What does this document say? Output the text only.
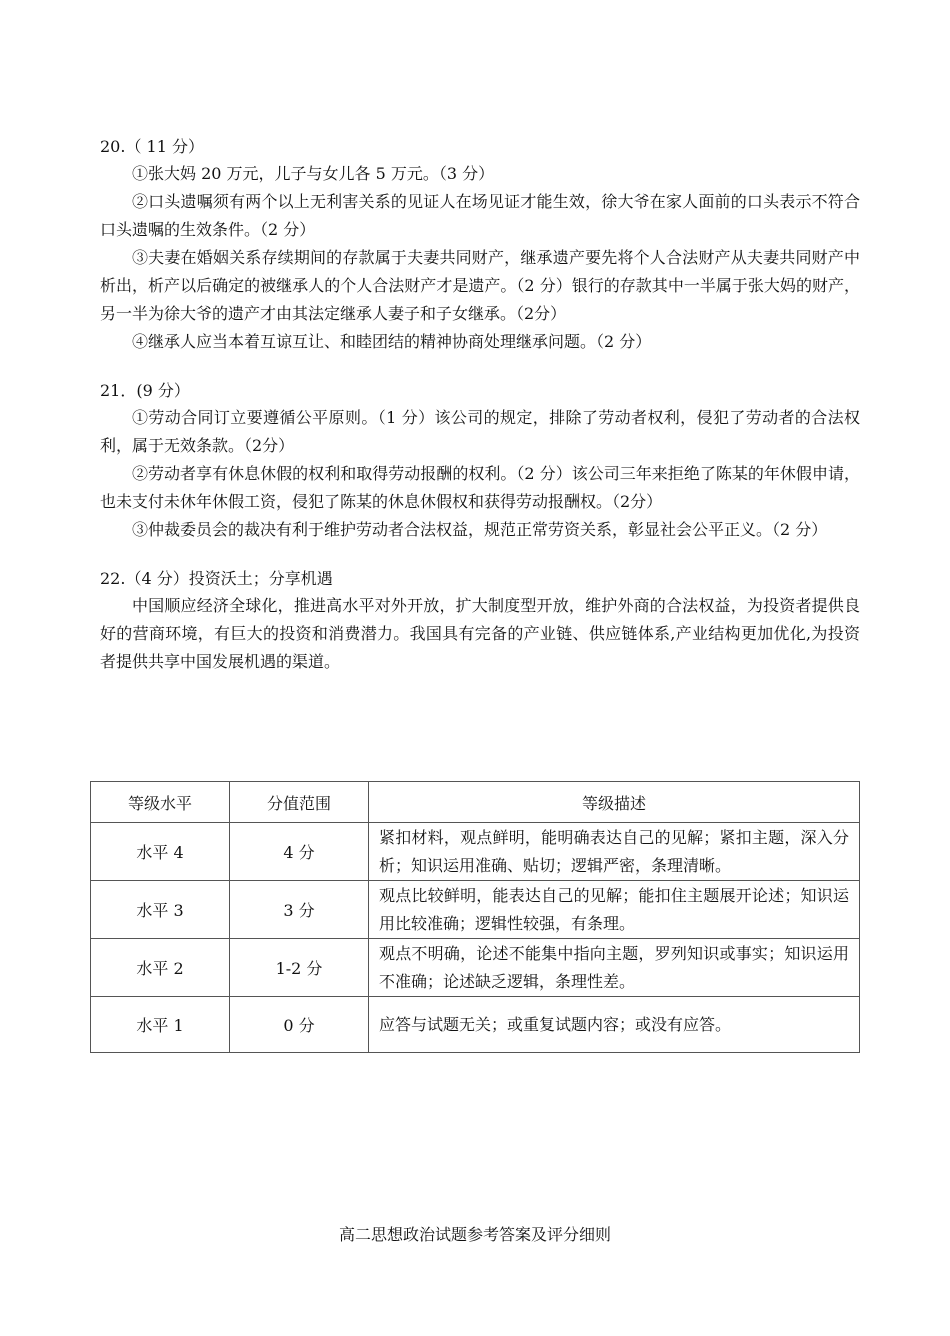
20.（ 11 分）

①张大妈 20 万元，儿子与女儿各 5 万元。（3 分）

②口头遗嘱须有两个以上无利害关系的见证人在场见证才能生效，徐大爷在家人面前的口头表示不符合口头遗嘱的生效条件。（2 分）

③夫妻在婚姻关系存续期间的存款属于夫妻共同财产，继承遗产要先将个人合法财产从夫妻共同财产中析出，析产以后确定的被继承人的个人合法财产才是遗产。（2 分）银行的存款其中一半属于张大妈的财产，另一半为徐大爷的遗产才由其法定继承人妻子和子女继承。（2分）

④继承人应当本着互谅互让、和睦团结的精神协商处理继承问题。（2 分）

21．(9 分）

①劳动合同订立要遵循公平原则。（1 分）该公司的规定，排除了劳动者权利，侵犯了劳动者的合法权利，属于无效条款。（2分）

②劳动者享有休息休假的权利和取得劳动报酬的权利。（2 分）该公司三年来拒绝了陈某的年休假申请，也未支付未休年休假工资，侵犯了陈某的休息休假权和获得劳动报酬权。（2分）

③仲裁委员会的裁决有利于维护劳动者合法权益，规范正常劳资关系，彰显社会公平正义。（2 分）

22.（4 分）投资沃土；分享机遇

中国顺应经济全球化，推进高水平对外开放，扩大制度型开放，维护外商的合法权益，为投资者提供良好的营商环境，有巨大的投资和消费潜力。我国具有完备的产业链、供应链体系,产业结构更加优化,为投资者提供共享中国发展机遇的渠道。

等级水平	分值范围	等级描述
水平 4	4 分	紧扣材料，观点鲜明，能明确表达自己的见解；紧扣主题，深入分析；知识运用准确、贴切；逻辑严密，条理清晰。
水平 3	3 分	观点比较鲜明，能表达自己的见解；能扣住主题展开论述；知识运用比较准确；逻辑性较强，有条理。
水平 2	1-2 分	观点不明确，论述不能集中指向主题，罗列知识或事实；知识运用不准确；论述缺乏逻辑，条理性差。
水平 1	0 分	应答与试题无关；或重复试题内容；或没有应答。
高二思想政治试题参考答案及评分细则
